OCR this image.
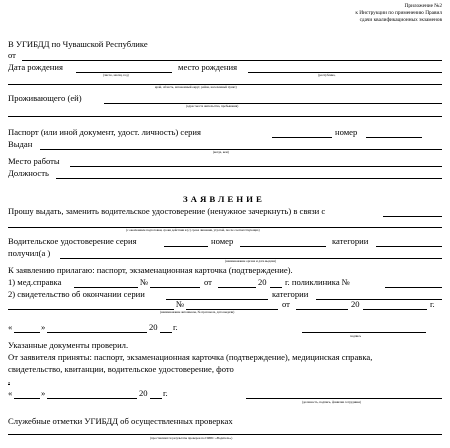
Приложение №2
к Инструкции по применению Правил
сдачи квалификационных экзаменов
В УГИБДД по Чувашской Республике
от
Дата рождения	место рождения
(число, месяц, год)	(республика,
край, область, автономный округ, район, населенный пункт)
Проживающего (ей)
(адрес места жительства, пребывания)
Паспорт (или иной документ, удост. личность) серия	номер
Выдан
(когда, кем)
Место работы
Должность
ЗАЯВЛЕНИЕ
Прошу выдать, заменить водительское удостоверение (ненужное зачеркнуть) в связи с
(с окончанием подготовки, сроки действия и (с) срока лишения, утратой, после соответствующих)
Водительское удостоверение серия	номер	категории
получил(а )
(наименование органа и дата выдачи)
К заявлению прилагаю: паспорт, экзаменационная карточка (подтверждение).
1) мед.справка	№	от	20 г. поликлиника №
2) свидетельство об окончании серии	категории
№	от	20	г.
(наименование автошколы, № протокола, дата выдачи)
«	»	20 г.
подпись
Указанные документы проверил.
От заявителя приняты: паспорт, экзаменационная карточка (подтверждение), медицинская справка,
свидетельство, квитанции, водительское удостоверение, фото
,
«	»	20 г.
(должность, подпись, фамилия сотрудника)
Служебные отметки УГИБДД об осуществленных проверках
(проставляются результаты проверок по ПИПС «Водитель»)
